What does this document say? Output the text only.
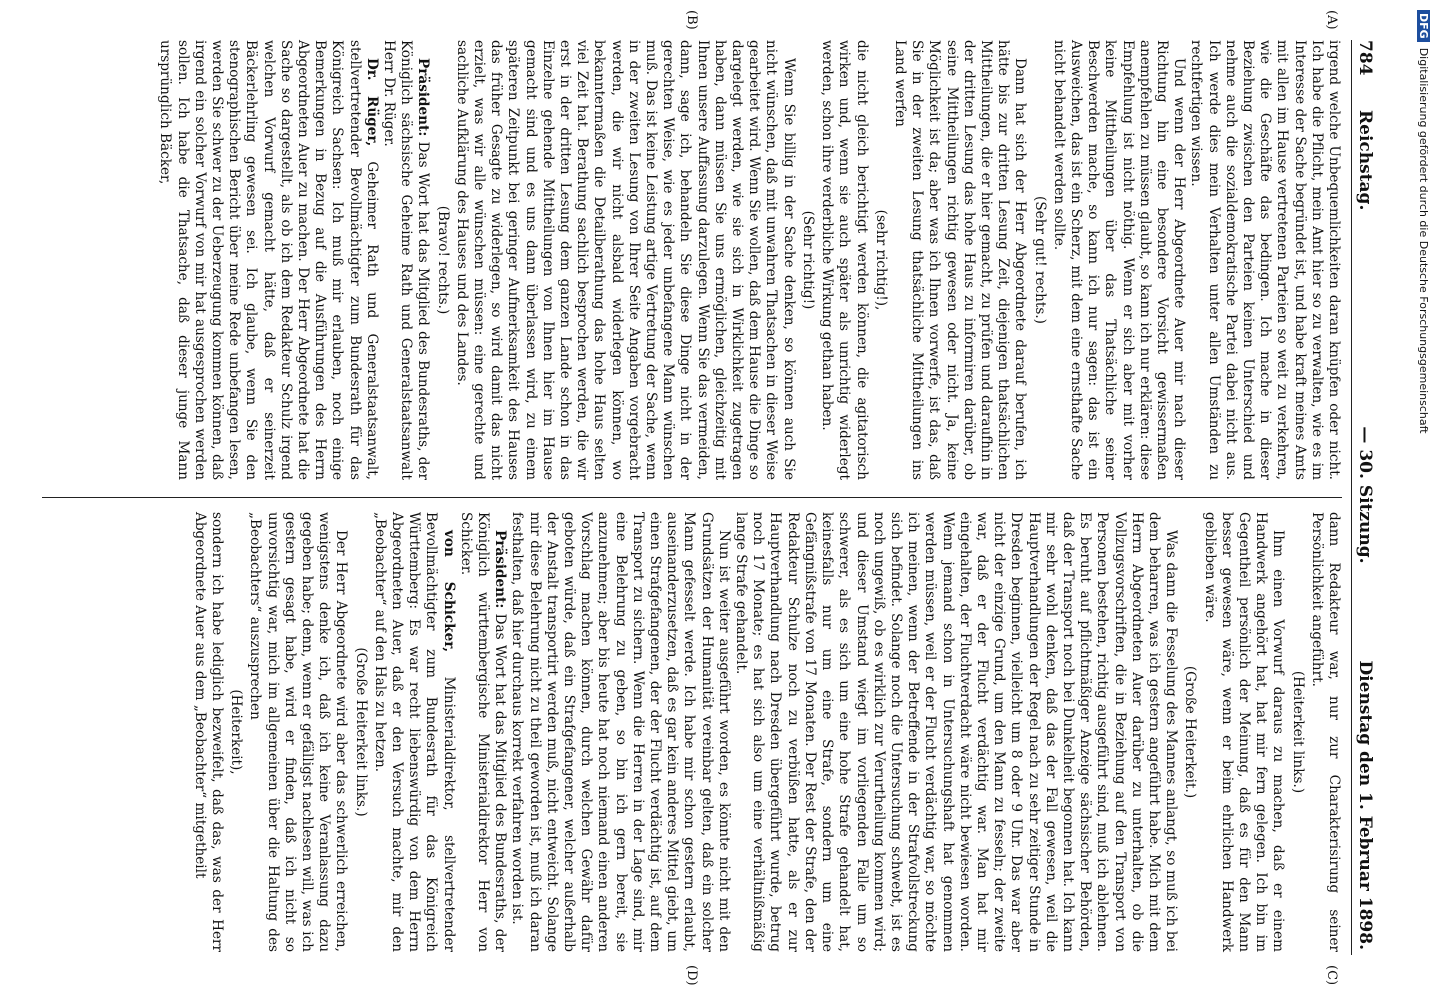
784
Reichstag.
— 30. Sitzung.
Dienstag den 1. Februar 1898.
(A)
(B)
(C)
(D)

irgend welche Unbequemlichkeiten daran knüpfen oder nicht. Ich habe die Pflicht, mein Amt hier so zu verwalten, wie es im Interesse der Sache begründet ist, und habe kraft meines Amts mit allen im Hause vertretenen Parteien so weit zu verkehren, wie die Geschäfte das bedingen. Ich mache in dieser Beziehung zwischen den Parteien keinen Unterschied und nehme auch die sozialdemokratische Partei dabei nicht aus. Ich werde dies mein Verhalten unter allen Umständen zu rechtfertigen wissen.

Und wenn der Herr Abgeordnete Auer mir nach dieser Richtung hin eine besondere Vorsicht gewissermaßen anempfehlen zu müssen glaubt, so kann ich nur erklären: diese Empfehlung ist nicht nöthig. Wenn er sich aber mit vorher keine Mittheilungen über das Thatsächliche seiner Beschwerden mache, so kann ich nur sagen: das ist ein Ausweichen, das ist ein Scherz, mit dem eine ernsthafte Sache nicht behandelt werden sollte.

(Sehr gut! rechts.)

Dann hat sich der Herr Abgeordnete darauf berufen, ich hätte bis zur dritten Lesung Zeit, diejenigen thatsächlichen Mittheilungen, die er hier gemacht, zu prüfen und daraufhin in der dritten Lesung das hohe Haus zu informiren darüber, ob seine Mittheilungen richtig gewesen oder nicht. Ja, keine Möglichkeit ist da; aber was ich Ihnen vorwerfe, ist das, daß Sie in der zweiten Lesung thatsächliche Mittheilungen ins Land werfen

(sehr richtig!),

die nicht gleich berichtigt werden können, die agitatorisch wirken und, wenn sie auch später als unrichtig widerlegt werden, schon ihre verderbliche Wirkung gethan haben.

(Sehr richtig!)

Wenn Sie billig in der Sache denken, so können auch Sie nicht wünschen, daß mit unwahren Thatsachen in dieser Weise gearbeitet wird. Wenn Sie wollen, daß dem Hause die Dinge so dargelegt werden, wie sie sich in Wirklichkeit zugetragen haben, dann müssen Sie uns ermöglichen, gleichzeitig mit Ihnen unsere Auffassung darzulegen. Wenn Sie das vermeiden, dann, sage ich, behandeln Sie diese Dinge nicht in der gerechten Weise, wie es jeder unbefangene Mann wünschen muß. Das ist keine Leistung artige Vertretung der Sache, wenn in der zweiten Lesung von Ihrer Seite Angaben vorgebracht werden, die wir nicht alsbald widerlegen können, wo bekanntermaßen die Detailberathung das hohe Haus selten viel Zeit hat. Berathung sachlich besprochen werden, die wir erst in der dritten Lesung dem ganzen Lande schon in das Einzelne gehende Mittheilungen von Ihnen hier im Hause gemacht sind und es uns dann überlassen wird, zu einem späteren Zeitpunkt bei geringer Aufmerksamkeit des Hauses das früher Gesagte zu widerlegen, so wird damit das nicht erzielt, was wir alle wünschen müssen: eine gerechte und sachliche Aufklärung des Hauses und des Landes.

(Bravo! rechts.)

Präsident: Das Wort hat das Mitglied des Bundesraths, der Königlich sächsische Geheime Rath und Generalstaatsanwalt Herr Dr. Rüger.

Dr. Rüger, Geheimer Rath und Generalstaatsanwalt, stellvertretender Bevollmächtigter zum Bundesrath für das Königreich Sachsen: Ich muß mir erlauben, noch einige Bemerkungen in Bezug auf die Ausführungen des Herrn Abgeordneten Auer zu machen. Der Herr Abgeordnete hat die Sache so dargestellt, als ob ich dem Redakteur Schulz irgend welchen Vorwurf gemacht hätte, daß er seinerzeit Bäckerlehrling gewesen sei. Ich glaube, wenn Sie den stenographischen Bericht über meine Rede unbefangen lesen, werden Sie schwer zu der Ueberzeugung kommen können, daß irgend ein solcher Vorwurf von mir hat ausgesprochen werden sollen. Ich habe die Thatsache, daß dieser junge Mann ursprünglich Bäcker,

dann Redakteur war, nur zur Charakterisirung seiner Persönlichkeit angeführt.

(Heiterkeit links.)

Ihm einen Vorwurf daraus zu machen, daß er einem Handwerk angehört hat, hat mir fern gelegen. Ich bin im Gegentheil persönlich der Meinung, daß es für den Mann besser gewesen wäre, wenn er beim ehrlichen Handwerk geblieben wäre.

(Große Heiterkeit.)

Was dann die Fesselung des Mannes anlangt, so muß ich bei dem beharren, was ich gestern angeführt habe. Mich mit dem Herrn Abgeordneten Auer darüber zu unterhalten, ob die Vollzugsvorschriften, die in Beziehung auf den Transport von Personen bestehen, richtig ausgeführt sind, muß ich ablehnen. Es beruht auf pflichtmäßiger Anzeige sächsischer Behörden, daß der Transport noch bei Dunkelheit begonnen hat. Ich kann mir sehr wohl denken, daß das der Fall gewesen, weil die Hauptverhandlungen der Regel nach zu sehr zeitiger Stunde in Dresden beginnen, vielleicht um 8 oder 9 Uhr. Das war aber nicht der einzige Grund, um den Mann zu fesseln; der zweite war, daß er der Flucht verdächtig war. Man hat mir eingehalten, der Fluchtverdacht wäre nicht bewiesen worden. Wenn jemand schon in Untersuchungshaft hat genommen werden müssen, weil er der Flucht verdächtig war, so möchte ich meinen, wenn der Betreffende in der Strafvollstreckung sich befindet. Solange noch die Untersuchung schwebt, ist es noch ungewiß, ob es wirklich zur Verurtheilung kommen wird; und dieser Umstand wiegt im vorliegenden Falle um so schwerer, als es sich um eine hohe Strafe gehandelt hat, keinesfalls nur um eine Strafe, sondern um eine Gefängnißstrafe von 17 Monaten. Der Rest der Strafe, den der Redakteur Schulze noch zu verbüßen hatte, als er zur Hauptverhandlung nach Dresden übergeführt wurde, betrug noch 17 Monate; es hat sich also um eine verhältnißmäßig lange Strafe gehandelt.

Nun ist weiter ausgeführt worden, es könnte nicht mit den Grundsätzen der Humanität vereinbar gelten, daß ein solcher Mann gefesselt werde. Ich habe mir schon gestern erlaubt, auseinanderzusetzen, daß es gar kein anderes Mittel giebt, um einen Strafgefangenen, der der Flucht verdächtig ist, auf dem Transport zu sichern. Wenn die Herren in der Lage sind, mir eine Belehrung zu geben, so bin ich gern bereit, sie anzunehmen; aber bis heute hat noch niemand einen anderen Vorschlag machen können, durch welchen Gewähr dafür geboten würde, daß ein Strafgefangener, welcher außerhalb der Anstalt transportirt werden muß, nicht entweicht. Solange mir diese Belehrung nicht zu theil geworden ist, muß ich daran festhalten, daß hier durchaus korrekt verfahren worden ist.

Präsident: Das Wort hat das Mitglied des Bundesraths, der Königlich württembergische Ministerialdirektor Herr von Schicker.

von Schicker, Ministerialdirektor, stellvertretender Bevollmächtigter zum Bundesrath für das Königreich Württemberg: Es war recht liebenswürdig von dem Herrn Abgeordneten Auer, daß er den Versuch machte, mir den „Beobachter“ auf den Hals zu hetzen.

(Große Heiterkeit links.)

Der Herr Abgeordnete wird aber das schwerlich erreichen, wenigstens denke ich, daß ich keine Veranlassung dazu gegeben habe; denn, wenn er gefälligst nachlesen will, was ich gestern gesagt habe, wird er finden, daß ich nicht so unvorsichtig war, mich im allgemeinen über die Haltung des „Beobachters“ auszusprechen

(Heiterkeit),

sondern ich habe lediglich bezweifelt, daß das, was der Herr Abgeordnete Auer aus dem „Beobachter“ mitgetheilt

DFGDigitalisierung gefördert durch die Deutsche Forschungsgemeinschaft
